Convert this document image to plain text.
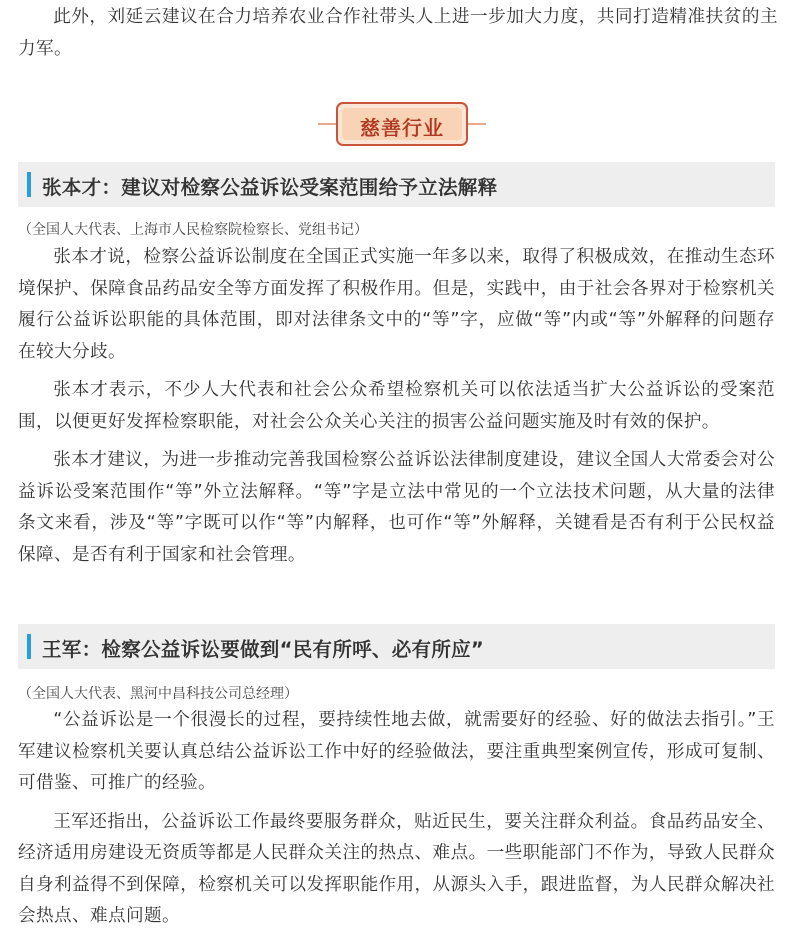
此外，刘延云建议在合力培养农业合作社带头人上进一步加大力度，共同打造精准扶贫的主力军。

慈善行业
张本才：建议对检察公益诉讼受案范围给予立法解释
（全国人大代表、上海市人民检察院检察长、党组书记）

张本才说，检察公益诉讼制度在全国正式实施一年多以来，取得了积极成效，在推动生态环境保护、保障食品药品安全等方面发挥了积极作用。但是，实践中，由于社会各界对于检察机关履行公益诉讼职能的具体范围，即对法律条文中的“等”字，应做“等”内或“等”外解释的问题存在较大分歧。

张本才表示，不少人大代表和社会公众希望检察机关可以依法适当扩大公益诉讼的受案范围，以便更好发挥检察职能，对社会公众关心关注的损害公益问题实施及时有效的保护。

张本才建议，为进一步推动完善我国检察公益诉讼法律制度建设，建议全国人大常委会对公益诉讼受案范围作“等”外立法解释。“等”字是立法中常见的一个立法技术问题，从大量的法律条文来看，涉及“等”字既可以作“等”内解释，也可作“等”外解释，关键看是否有利于公民权益保障、是否有利于国家和社会管理。

王军：检察公益诉讼要做到“民有所呼、必有所应”
（全国人大代表、黑河中昌科技公司总经理）

“公益诉讼是一个很漫长的过程，要持续性地去做，就需要好的经验、好的做法去指引。”王军建议检察机关要认真总结公益诉讼工作中好的经验做法，要注重典型案例宣传，形成可复制、可借鉴、可推广的经验。

王军还指出，公益诉讼工作最终要服务群众，贴近民生，要关注群众利益。食品药品安全、经济适用房建设无资质等都是人民群众关注的热点、难点。一些职能部门不作为，导致人民群众自身利益得不到保障，检察机关可以发挥职能作用，从源头入手，跟进监督，为人民群众解决社会热点、难点问题。
